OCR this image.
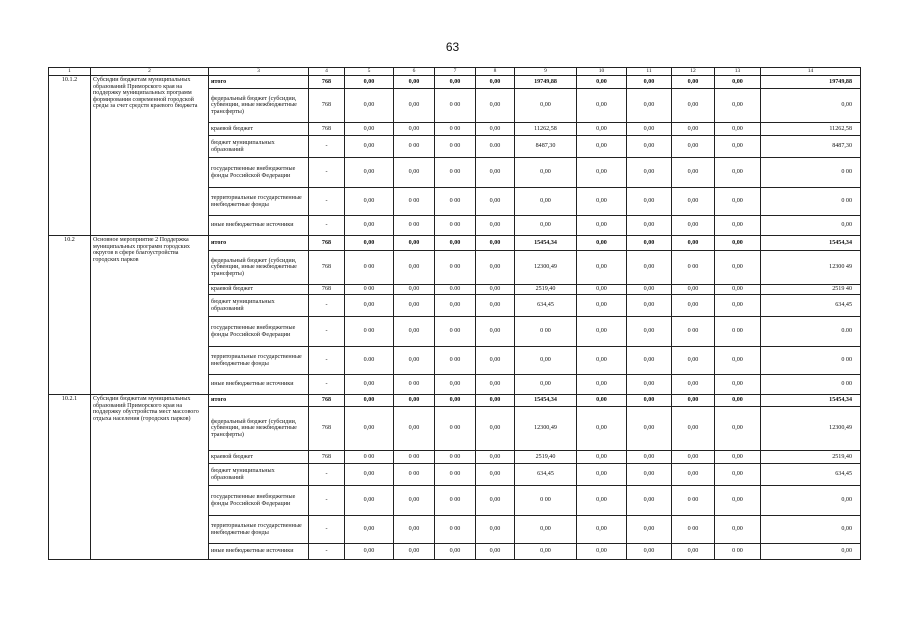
63
1	2	3	4	5	6	7	8	9	10	11	12	13	14
10.1.2	Субсидии бюджетам муниципальных образований Приморского края на поддержку муниципальных программ формирования современной городской среды за счет средств краевого бюджета	итого	768	0,00	0,00	0,00	0,00	19749,88	0,00	0,00	0,00	0,00	19749,88
		федеральный бюджет (субсидии, субвенции, иные межбюджетные трансферты)	768	0,00	0,00	0 00	0,00	0,00	0,00	0,00	0,00	0,00	0,00
		краевой бюджет	768	0,00	0,00	0 00	0,00	11262,58	0,00	0,00	0,00	0,00	11262,58
		бюджет муниципальных образований	-	0,00	0 00	0 00	0.00	8487,30	0,00	0,00	0,00	0,00	8487,30
		государственные внебюджетные фонды Российской Федерации	-	0,00	0,00	0 00	0,00	0,00	0,00	0,00	0,00	0,00	0 00
		территориальные государственные внебюджетные фонды	-	0,00	0 00	0 00	0,00	0,00	0,00	0,00	0,00	0,00	0 00
		иные внебюджетные источники	-	0,00	0 00	0 00	0,00	0,00	0,00	0,00	0,00	0,00	0,00
10.2	Основное мероприятие 2 Поддержка муниципальных программ городских округов в сфере благоустройства городских парков	итого	768	0,00	0,00	0,00	0,00	15454,34	0,00	0,00	0,00	0,00	15454,34
		федеральный бюджет (субсидии, субвенции, иные межбюджетные трансферты)	768	0 00	0,00	0 00	0,00	12300,49	0,00	0,00	0 00	0,00	12300 49
		краевой бюджет	768	0 00	0,00	0.00	0,00	2519,40	0,00	0,00	0,00	0,00	2519 40
		бюджет муниципальных образований	-	0,00	0,00	0,00	0,00	634,45	0,00	0,00	0,00	0,00	634,45
		государственные внебюджетные фонды Российской Федерации	-	0 00	0,00	0 00	0,00	0 00	0,00	0,00	0 00	0 00	0.00
		территориальные государственные внебюджетные фонды	-	0.00	0,00	0 00	0,00	0,00	0,00	0,00	0,00	0,00	0 00
		иные внебюджетные источники	-	0,00	0 00	0,00	0,00	0,00	0,00	0,00	0,00	0,00	0 00
10.2.1	Субсидии бюджетам муниципальных образований Приморского края на поддержку обустройства мест массового отдыха населения (городских парков)	итого	768	0,00	0,00	0,00	0,00	15454,34	0,00	0,00	0,00	0,00	15454,34
		федеральный бюджет (субсидии, субвенции, иные межбюджетные трансферты)	768	0,00	0,00	0 00	0,00	12300,49	0,00	0,00	0,00	0,00	12300,49
		краевой бюджет	768	0 00	0 00	0 00	0,00	2519,40	0,00	0,00	0,00	0,00	2519,40
		бюджет муниципальных образований	-	0,00	0 00	0 00	0,00	634,45	0,00	0,00	0,00	0,00	634,45
		государственные внебюджетные фонды Российской Федерации	-	0,00	0,00	0 00	0,00	0 00	0,00	0,00	0 00	0,00	0,00
		территориальные государственные внебюджетные фонды	-	0,00	0,00	0 00	0,00	0,00	0,00	0,00	0 00	0,00	0,00
		иные внебюджетные источники	-	0,00	0,00	0,00	0,00	0,00	0,00	0,00	0,00	0 00	0,00
